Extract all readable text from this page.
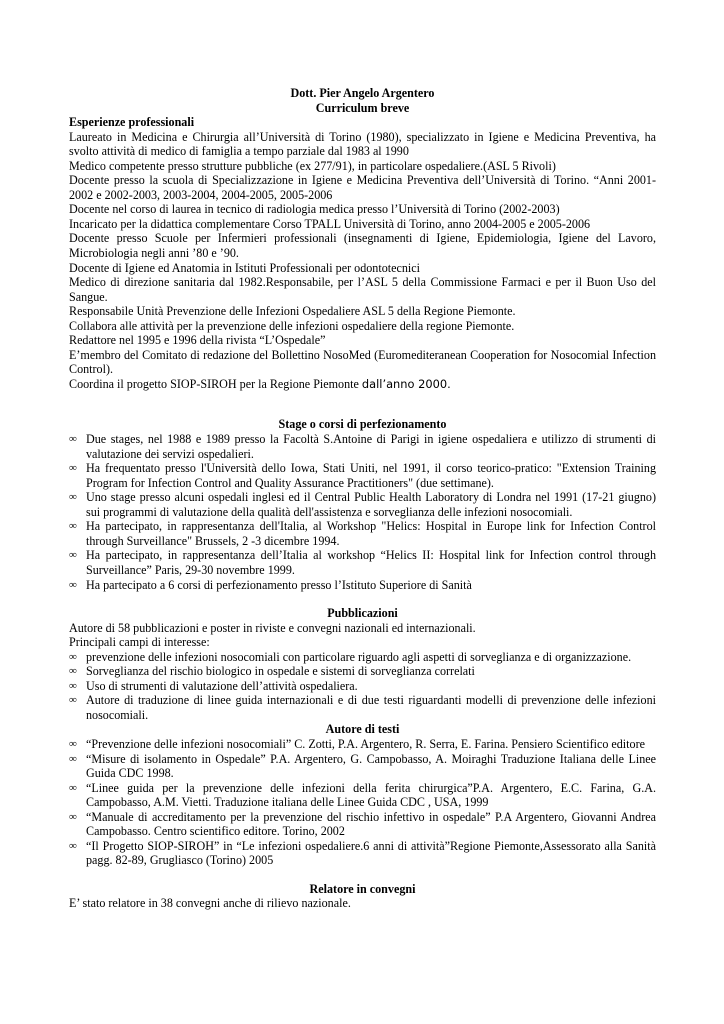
Dott. Pier Angelo Argentero

Curriculum breve

Esperienze professionali

Laureato in Medicina e Chirurgia all’Università di Torino (1980), specializzato in Igiene e Medicina Preventiva, ha svolto attività di medico di famiglia a tempo parziale dal 1983 al 1990

Medico competente presso strutture pubbliche (ex 277/91), in particolare ospedaliere.(ASL 5 Rivoli)

Docente presso la scuola di Specializzazione in Igiene e Medicina Preventiva dell’Università di Torino. “Anni 2001-2002 e 2002-2003, 2003-2004, 2004-2005, 2005-2006

Docente nel corso di laurea in tecnico di radiologia medica presso l’Università di Torino (2002-2003)

Incaricato per la didattica complementare Corso TPALL Università di Torino, anno 2004-2005 e 2005-2006

Docente presso Scuole per Infermieri professionali (insegnamenti di Igiene, Epidemiologia, Igiene del Lavoro, Microbiologia negli anni ’80 e ’90.

Docente di Igiene ed Anatomia in Istituti Professionali per odontotecnici

Medico di direzione sanitaria dal 1982.Responsabile, per l’ASL 5 della Commissione Farmaci e per il Buon Uso del Sangue.

Responsabile Unità Prevenzione delle Infezioni Ospedaliere ASL 5 della Regione Piemonte.

Collabora alle attività per la prevenzione delle infezioni ospedaliere della regione Piemonte.

Redattore nel 1995 e 1996 della rivista “L’Ospedale”

E’membro del Comitato di redazione del Bollettino NosoMed (Euromediteranean Cooperation for Nosocomial Infection Control).

Coordina il progetto SIOP-SIROH per la Regione Piemonte dall’anno 2000.

Stage o corsi di perfezionamento

∞ Due stages, nel 1988 e 1989 presso la Facoltà S.Antoine di Parigi in igiene ospedaliera e utilizzo di strumenti di valutazione dei servizi ospedalieri.
∞ Ha frequentato presso l'Università dello Iowa, Stati Uniti, nel 1991, il corso teorico-pratico: "Extension Training Program for Infection Control and Quality Assurance Practitioners" (due settimane).
∞ Uno stage presso alcuni ospedali inglesi ed il Central Public Health Laboratory di Londra nel 1991 (17-21 giugno) sui programmi di valutazione della qualità dell'assistenza e sorveglianza delle infezioni nosocomiali.
∞ Ha partecipato, in rappresentanza dell'Italia, al Workshop "Helics: Hospital in Europe link for Infection Control through Surveillance" Brussels, 2 -3 dicembre 1994.
∞ Ha partecipato, in rappresentanza dell’Italia al workshop “Helics II: Hospital link for Infection control through Surveillance” Paris, 29-30 novembre 1999.
∞ Ha partecipato a 6 corsi di perfezionamento presso l’Istituto Superiore di Sanità

Pubblicazioni

Autore di 58 pubblicazioni e poster in riviste e convegni nazionali ed internazionali.

Principali campi di interesse:

∞ prevenzione delle infezioni nosocomiali con particolare riguardo agli aspetti di sorveglianza e di organizzazione.
∞ Sorveglianza del rischio biologico in ospedale e sistemi di sorveglianza correlati
∞ Uso di strumenti di valutazione dell’attività ospedaliera.
∞ Autore di traduzione di linee guida internazionali e di due testi riguardanti modelli di prevenzione delle infezioni nosocomiali.

Autore di testi

∞ “Prevenzione delle infezioni nosocomiali” C. Zotti, P.A. Argentero, R. Serra, E. Farina. Pensiero Scientifico editore
∞ “Misure di isolamento in Ospedale” P.A. Argentero, G. Campobasso, A. Moiraghi Traduzione Italiana delle Linee Guida CDC 1998.
∞ “Linee guida per la prevenzione delle infezioni della ferita chirurgica”P.A. Argentero, E.C. Farina, G.A. Campobasso, A.M. Vietti. Traduzione italiana delle Linee Guida CDC , USA, 1999
∞ “Manuale di accreditamento per la prevenzione del rischio infettivo in ospedale” P.A Argentero, Giovanni Andrea Campobasso. Centro scientifico editore. Torino, 2002
∞ “Il Progetto SIOP-SIROH” in “Le infezioni ospedaliere.6 anni di attività”Regione Piemonte,Assessorato alla Sanità pagg. 82-89, Grugliasco (Torino) 2005

Relatore in convegni

E’ stato relatore in 38 convegni anche di rilievo nazionale.
